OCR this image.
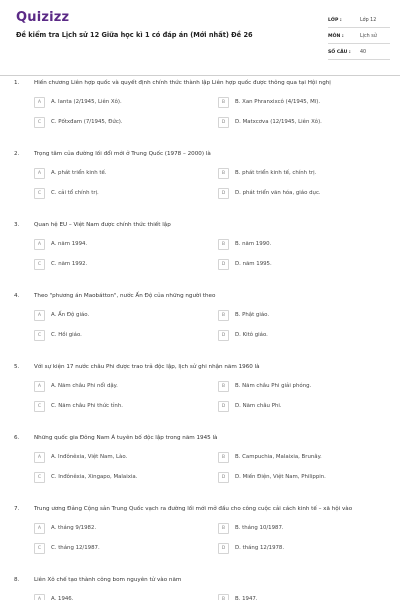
Quizizz
Đề kiểm tra Lịch sử 12 Giữa học kì 1 có đáp án (Mới nhất) Đề 26
LỚP :	Lớp 12
MÔN :	Lịch sử
SỐ CÂU :	40
1.	Hiến chương Liên hợp quốc và quyết định chính thức thành lập Liên hợp quốc được thông qua tại Hội nghị
A	A. Ianta (2/1945, Liên Xô).	B	B. Xan Phranxixcô (4/1945, Mĩ).
C	C. Pốtxđam (7/1945, Đức).	D	D. Matxcơva (12/1945, Liên Xô).
2.	Trọng tâm của đường lối đổi mới ở Trung Quốc (1978 – 2000) là
A	A. phát triển kinh tế.	B	B. phát triển kinh tế, chính trị.
C	C. cải tổ chính trị.	D	D. phát triển văn hóa, giáo dục.
3.	Quan hệ EU – Việt Nam được chính thức thiết lập
A	A. năm 1994.	B	B. năm 1990.
C	C. năm 1992.	D	D. năm 1995.
4.	Theo "phương án Maobátton", nước Ấn Độ của những người theo
A	A. Ấn Độ giáo.	B	B. Phật giáo.
C	C. Hồi giáo.	D	D. Kitô giáo.
5.	Với sự kiện 17 nước châu Phi được trao trả độc lập, lịch sử ghi nhận năm 1960 là
A	A. Năm châu Phi nổi dậy.	B	B. Năm châu Phi giải phóng.
C	C. Năm châu Phi thức tỉnh.	D	D. Năm châu Phi.
6.	Những quốc gia Đông Nam Á tuyên bố độc lập trong năm 1945 là
A	A. Inđônêxia, Việt Nam, Lào.	B	B. Campuchia, Malaixia, Brunây.
C	C. Inđônêxia, Xingapo, Malaixia.	D	D. Miến Điện, Việt Nam, Philippin.
7.	Trung ương Đảng Cộng sản Trung Quốc vạch ra đường lối mới mở đầu cho công cuộc cải cách kinh tế – xã hội vào
A	A. tháng 9/1982.	B	B. tháng 10/1987.
C	C. tháng 12/1987.	D	D. tháng 12/1978.
8.	Liên Xô chế tạo thành công bom nguyên tử vào năm
A	A. 1946.	B	B. 1947.
